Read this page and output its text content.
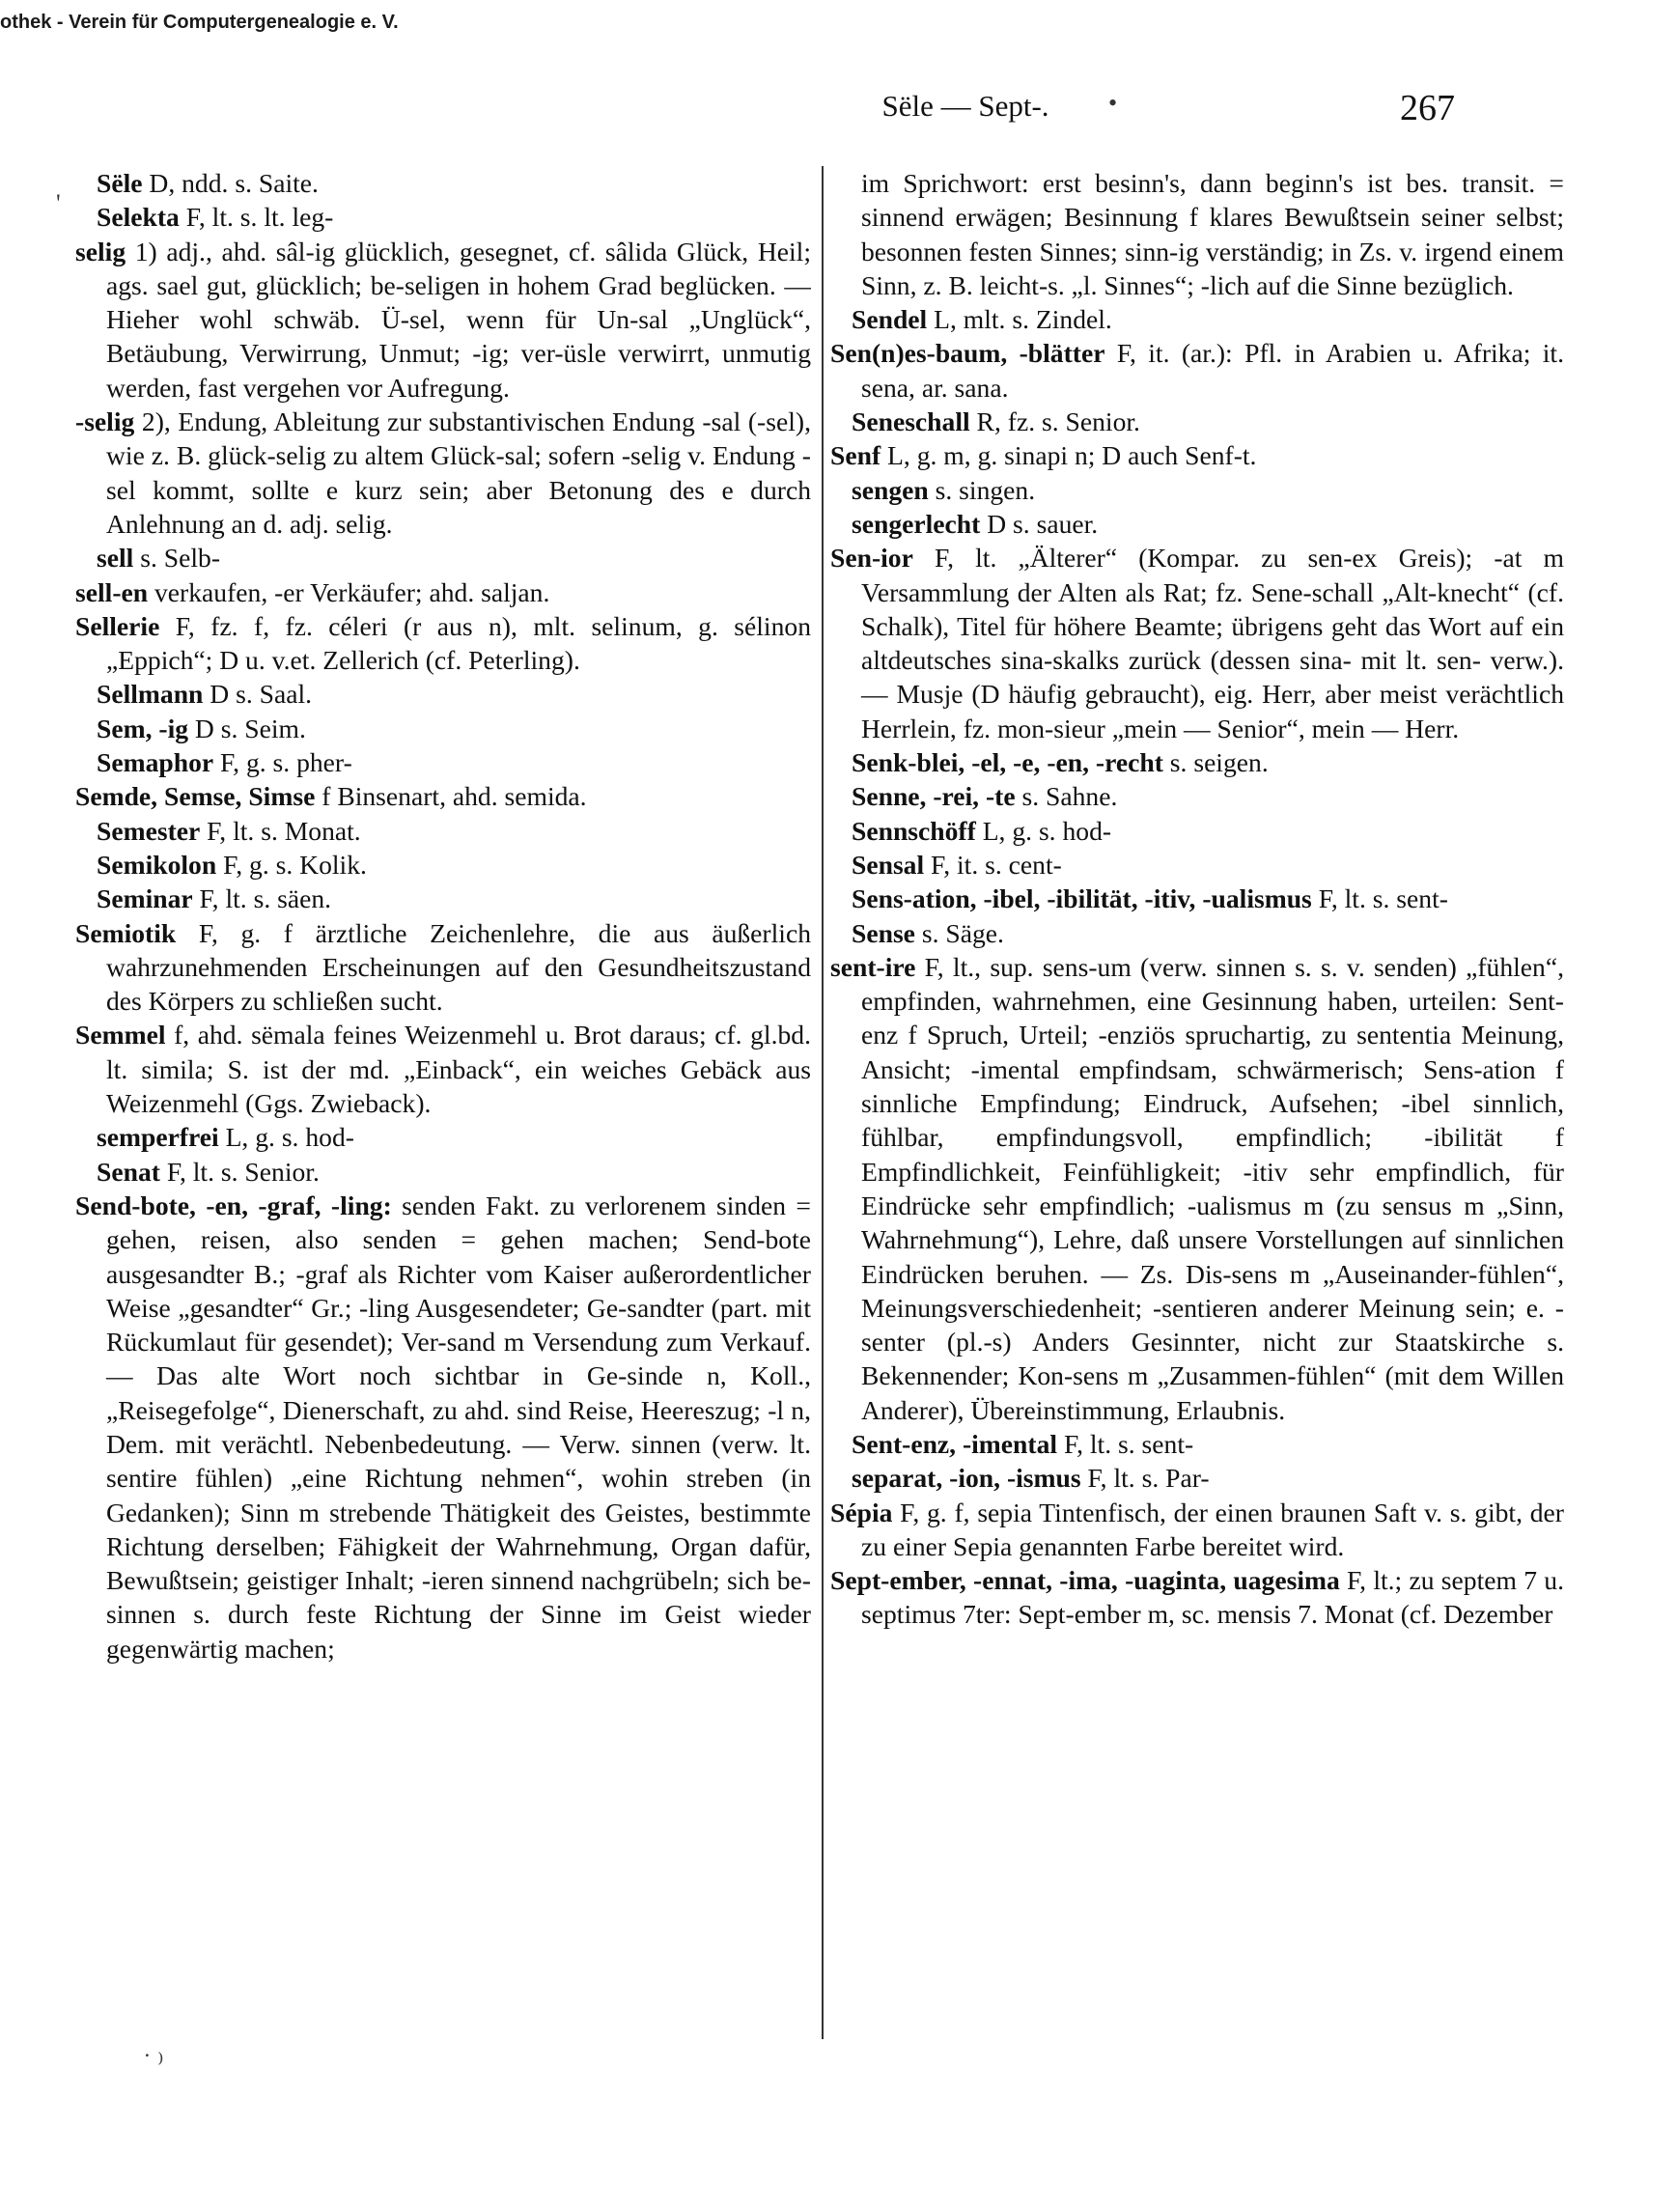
othek - Verein für Computergenealogie e. V.
Sële — Sept-.	267
Sële D, ndd. s. Saite.
Selekta F, lt. s. lt. leg-
selig 1) adj., ahd. sâl-ig glücklich, gesegnet, cf. sâlida Glück, Heil; ags. sael gut, glücklich; be-seligen in hohem Grad beglücken. — Hieher wohl schwäb. Ü-sel, wenn für Un-sal „Unglück“, Betäubung, Verwirrung, Unmut; -ig; ver-üsle verwirrt, unmutig werden, fast vergehen vor Aufregung.
-selig 2), Endung, Ableitung zur substantivischen Endung -sal (-sel), wie z. B. glück-selig zu altem Glück-sal; sofern -selig v. Endung -sel kommt, sollte e kurz sein; aber Betonung des e durch Anlehnung an d. adj. selig.
sell s. Selb-
sell-en verkaufen, -er Verkäufer; ahd. saljan.
Sellerie F, fz. f, fz. céleri (r aus n), mlt. selinum, g. sélinon „Eppich“; D u. v.et. Zellerich (cf. Peterling).
Sellmann D s. Saal.
Sem, -ig D s. Seim.
Semaphor F, g. s. pher-
Semde, Semse, Simse f Binsenart, ahd. semida.
Semester F, lt. s. Monat.
Semikolon F, g. s. Kolik.
Seminar F, lt. s. säen.
Semiotik F, g. f ärztliche Zeichenlehre, die aus äußerlich wahrzunehmenden Erscheinungen auf den Gesundheitszustand des Körpers zu schließen sucht.
Semmel f, ahd. sëmala feines Weizenmehl u. Brot daraus; cf. gl.bd. lt. simila; S. ist der md. „Einback“, ein weiches Gebäck aus Weizenmehl (Ggs. Zwieback).
semperfrei L, g. s. hod-
Senat F, lt. s. Senior.
Send-bote, -en, -graf, -ling: senden Fakt. zu verlorenem sinden = gehen, reisen, also senden = gehen machen; Send-bote ausgesandter B.; -graf als Richter vom Kaiser außerordentlicher Weise „gesandter“ Gr.; -ling Ausgesendeter; Ge-sandter (part. mit Rückumlaut für gesendet); Ver-sand m Versendung zum Verkauf. — Das alte Wort noch sichtbar in Ge-sinde n, Koll., „Reisegefolge“, Dienerschaft, zu ahd. sind Reise, Heereszug; -l n, Dem. mit verächtl. Nebenbedeutung. — Verw. sinnen (verw. lt. sentire fühlen) „eine Richtung nehmen“, wohin streben (in Gedanken); Sinn m strebende Thätigkeit des Geistes, bestimmte Richtung derselben; Fähigkeit der Wahrnehmung, Organ dafür, Bewußtsein; geistiger Inhalt; -ieren sinnend nachgrübeln; sich be-sinnen s. durch feste Richtung der Sinne im Geist wieder gegenwärtig machen;
im Sprichwort: erst besinn's, dann beginn's ist bes. transit. = sinnend erwägen; Besinnung f klares Bewußtsein seiner selbst; besonnen festen Sinnes; sinn-ig verständig; in Zs. v. irgend einem Sinn, z. B. leicht-s. „l. Sinnes“; -lich auf die Sinne bezüglich.
Sendel L, mlt. s. Zindel.
Sen(n)es-baum, -blätter F, it. (ar.): Pfl. in Arabien u. Afrika; it. sena, ar. sana.
Seneschall R, fz. s. Senior.
Senf L, g. m, g. sinapi n; D auch Senf-t.
sengen s. singen.
sengerlecht D s. sauer.
Sen-ior F, lt. „Älterer“ (Kompar. zu sen-ex Greis); -at m Versammlung der Alten als Rat; fz. Sene-schall „Alt-knecht“ (cf. Schalk), Titel für höhere Beamte; übrigens geht das Wort auf ein altdeutsches sina-skalks zurück (dessen sina- mit lt. sen- verw.). — Musje (D häufig gebraucht), eig. Herr, aber meist verächtlich Herrlein, fz. mon-sieur „mein — Senior“, mein — Herr.
Senk-blei, -el, -e, -en, -recht s. seigen.
Senne, -rei, -te s. Sahne.
Sennschöff L, g. s. hod-
Sensal F, it. s. cent-
Sens-ation, -ibel, -ibilität, -itiv, -ualismus F, lt. s. sent-
Sense s. Säge.
sent-ire F, lt., sup. sens-um (verw. sinnen s. s. v. senden) „fühlen“, empfinden, wahrnehmen, eine Gesinnung haben, urteilen: Sent-enz f Spruch, Urteil; -enziös spruchartig, zu sententia Meinung, Ansicht; -imental empfindsam, schwärmerisch; Sens-ation f sinnliche Empfindung; Eindruck, Aufsehen; -ibel sinnlich, fühlbar, empfindungsvoll, empfindlich; -ibilität f Empfindlichkeit, Feinfühligkeit; -itiv sehr empfindlich, für Eindrücke sehr empfindlich; -ualismus m (zu sensus m „Sinn, Wahrnehmung“), Lehre, daß unsere Vorstellungen auf sinnlichen Eindrücken beruhen. — Zs. Dis-sens m „Auseinander-fühlen“, Meinungsverschiedenheit; -sentieren anderer Meinung sein; e. -senter (pl.-s) Anders Gesinnter, nicht zur Staatskirche s. Bekennender; Kon-sens m „Zusammen-fühlen“ (mit dem Willen Anderer), Übereinstimmung, Erlaubnis.
Sent-enz, -imental F, lt. s. sent-
separat, -ion, -ismus F, lt. s. Par-
Sépia F, g. f, sepia Tintenfisch, der einen braunen Saft v. s. gibt, der zu einer Sepia genannten Farbe bereitet wird.
Sept-ember, -ennat, -ima, -uaginta, uagesima F, lt.; zu septem 7 u. septimus 7ter: Sept-ember m, sc. mensis 7. Monat (cf. Dezember
'
•
˙ ⁾
